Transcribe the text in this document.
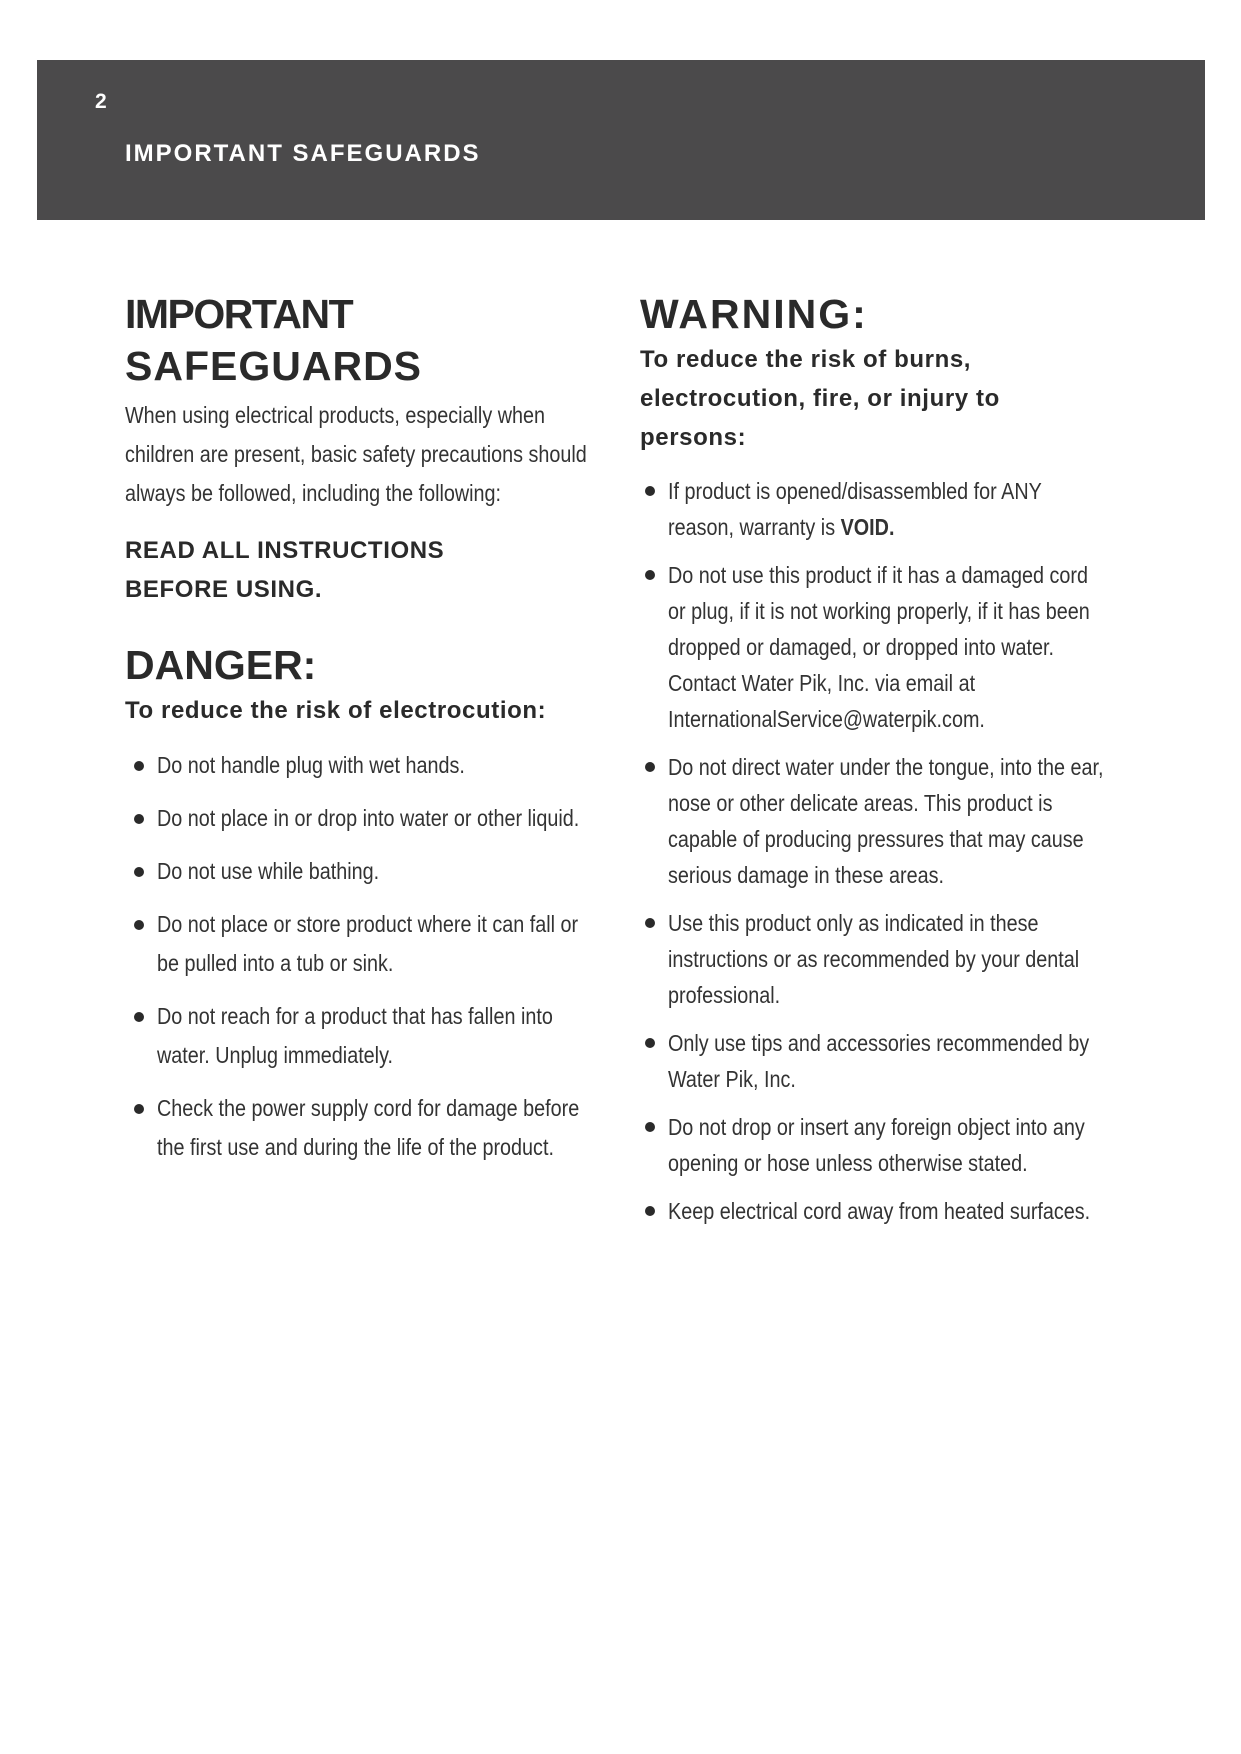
2
IMPORTANT SAFEGUARDS
IMPORTANT
SAFEGUARDS

When using electrical products, especially when children are present, basic safety precautions should always be followed, including the following:

READ ALL INSTRUCTIONS

BEFORE USING.

DANGER:

To reduce the risk of electrocution:

Do not handle plug with wet hands.
Do not place in or drop into water or other liquid.
Do not use while bathing.
Do not place or store product where it can fall or be pulled into a tub or sink.
Do not reach for a product that has fallen into water. Unplug immediately.
Check the power supply cord for damage before the first use and during the life of the product.
WARNING:

To reduce the risk of burns, electrocution, fire, or injury to persons:

If product is opened/disassembled for ANY reason, warranty is VOID.
Do not use this product if it has a damaged cord or plug, if it is not working properly, if it has been dropped or damaged, or dropped into water. Contact Water Pik, Inc. via email at InternationalService@waterpik.com.
Do not direct water under the tongue, into the ear, nose or other delicate areas. This product is capable of producing pressures that may cause serious damage in these areas.
Use this product only as indicated in these instructions or as recommended by your dental professional.
Only use tips and accessories recommended by Water Pik, Inc.
Do not drop or insert any foreign object into any opening or hose unless otherwise stated.
Keep electrical cord away from heated surfaces.
